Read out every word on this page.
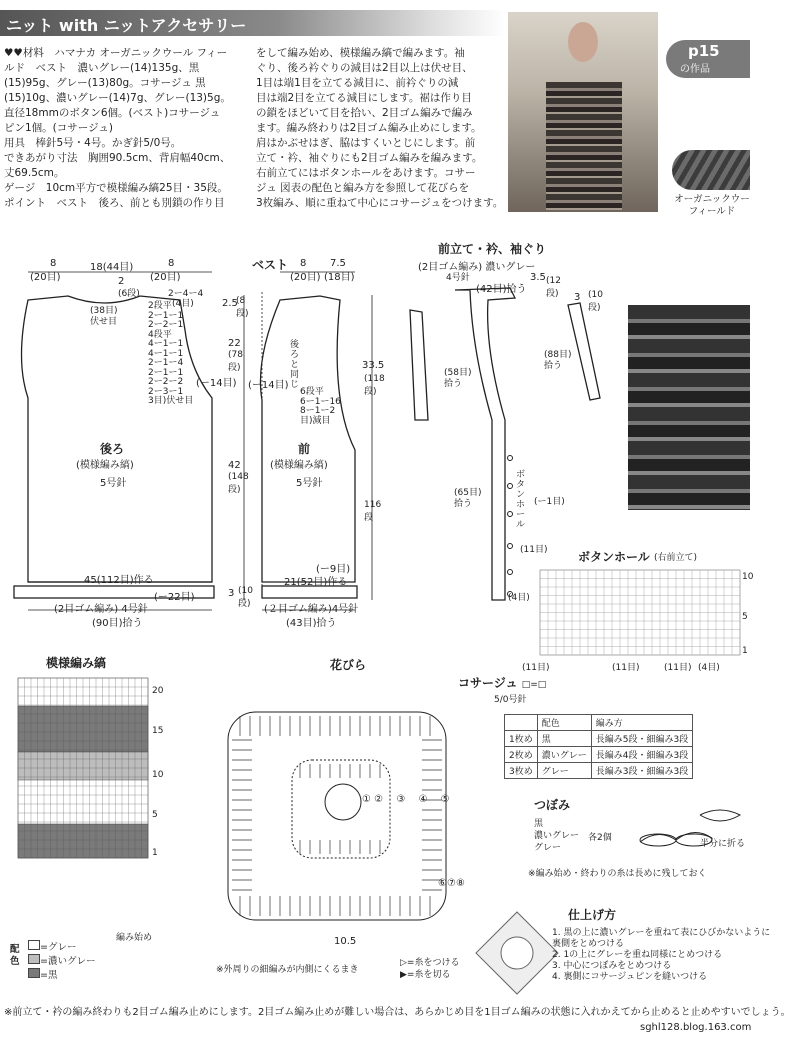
ニット with ニットアクセサリー
♥♥材料　ハマナカ オーガニックウール フィー
ルド　ベスト　濃いグレー(14)135g、黒
(15)95g、グレー(13)80g。コサージュ 黒
(15)10g、濃いグレー(14)7g、グレー(13)5g。
直径18mmのボタン6個。(ベスト)コサージュ
ピン1個。(コサージュ)
用具　棒針5号・4号。かぎ針5/0号。
できあがり寸法　胸囲90.5cm、背肩幅40cm、
丈69.5cm。
ゲージ　10cm平方で模様編み縞25目・35段。
ポイント　ベスト　後ろ、前とも別鎖の作り目
をして編み始め、模様編み縞で編みます。袖
ぐり、後ろ衿ぐりの減目は2目以上は伏せ目、
1目は端1目を立てる減目に、前衿ぐりの減
目は端2目を立てる減目にします。裾は作り目
の鎖をほどいて目を拾い、2目ゴム編みで編み
ます。編み終わりは2目ゴム編み止めにします。
肩はかぶせはぎ、脇はすくいとじにします。前
立て・衿、袖ぐりにも2目ゴム編みを編みます。
右前立てにはボタンホールをあけます。コサー
ジュ 図表の配色と編み方を参照して花びらを
3枚編み、順に重ねて中心にコサージュをつけます。
p15
の作品
オーガニックウー フィールド
8
(20目)
18(44目)	8
(20目)
2
(6段)	2ー4ー4
(4目)
(38目)
伏せ目
2.5
(8段)
22
(78段)
42
(148段)
3 (10段)
2段平
2ー1ー1
2ー2ー1
4段平
4ー1ー1
4ー1ー1
2ー1ー4
2ー1ー1
2ー2ー2
2ー3ー1
3目)伏せ目
(ー14目)
ベスト
後ろ
(模様編み縞)
5号針
45(112目)作る
(ー22目)
(2目ゴム編み) 4号針
(90目)拾う
8
(20目)
7.5
(18目)
(ー14目)
後ろと同じ
6段平
6ー1ー16
8ー1ー2
目)減目
前
(模様編み縞)
5号針
(ー9目)
21(52目)作る
(２目ゴム編み)4号針
(43目)拾う
33.5
(118段)
116段
前立て・衿、袖ぐり
(2目ゴム編み) 濃いグレー
4号針
(42目)拾う
3.5 (12段) 3 (10段)
(88目)
拾う
(58目)
拾う
(65目)
拾う
ボタンホール
(ー1目)
(11目)
(4目)
ボタンホール (右前立て)
(11目)	(11目)	(11目) (4目)
10
5
1
模様編み縞
20
15
10
5
1
編み始め
配色
=グレー
=濃いグレー
=黒
花びら
① ② ③ ④ ⑤
⑥⑦⑧
10.5
※外周りの細編みが内側にくるまき
▷=糸をつける
▶=糸を切る
コサージュ □=□
5/0号針
	配色	編み方
1枚め	黒	長編み5段・細編み3段
2枚め	濃いグレー	長編み4段・細編み3段
3枚め	グレー	長編み3段・細編み3段
つぼみ
黒
濃いグレー
グレー
各2個
半分に折る
※編み始め・終わりの糸は長めに残しておく
仕上げ方
1. 黒の上に濃いグレーを重ねて表にひびかないように
裏側をとめつける
2. 1の上にグレーを重ね同様にとめつける
3. 中心につぼみをとめつける
4. 裏側にコサージュピンを縫いつける
※前立て・衿の編み終わりも2目ゴム編み止めにします。2目ゴム編み止めが難しい場合は、あらかじめ目を1目ゴム編みの状態に入れかえてから止めると止めやすいでしょう。
sghl128.blog.163.com
